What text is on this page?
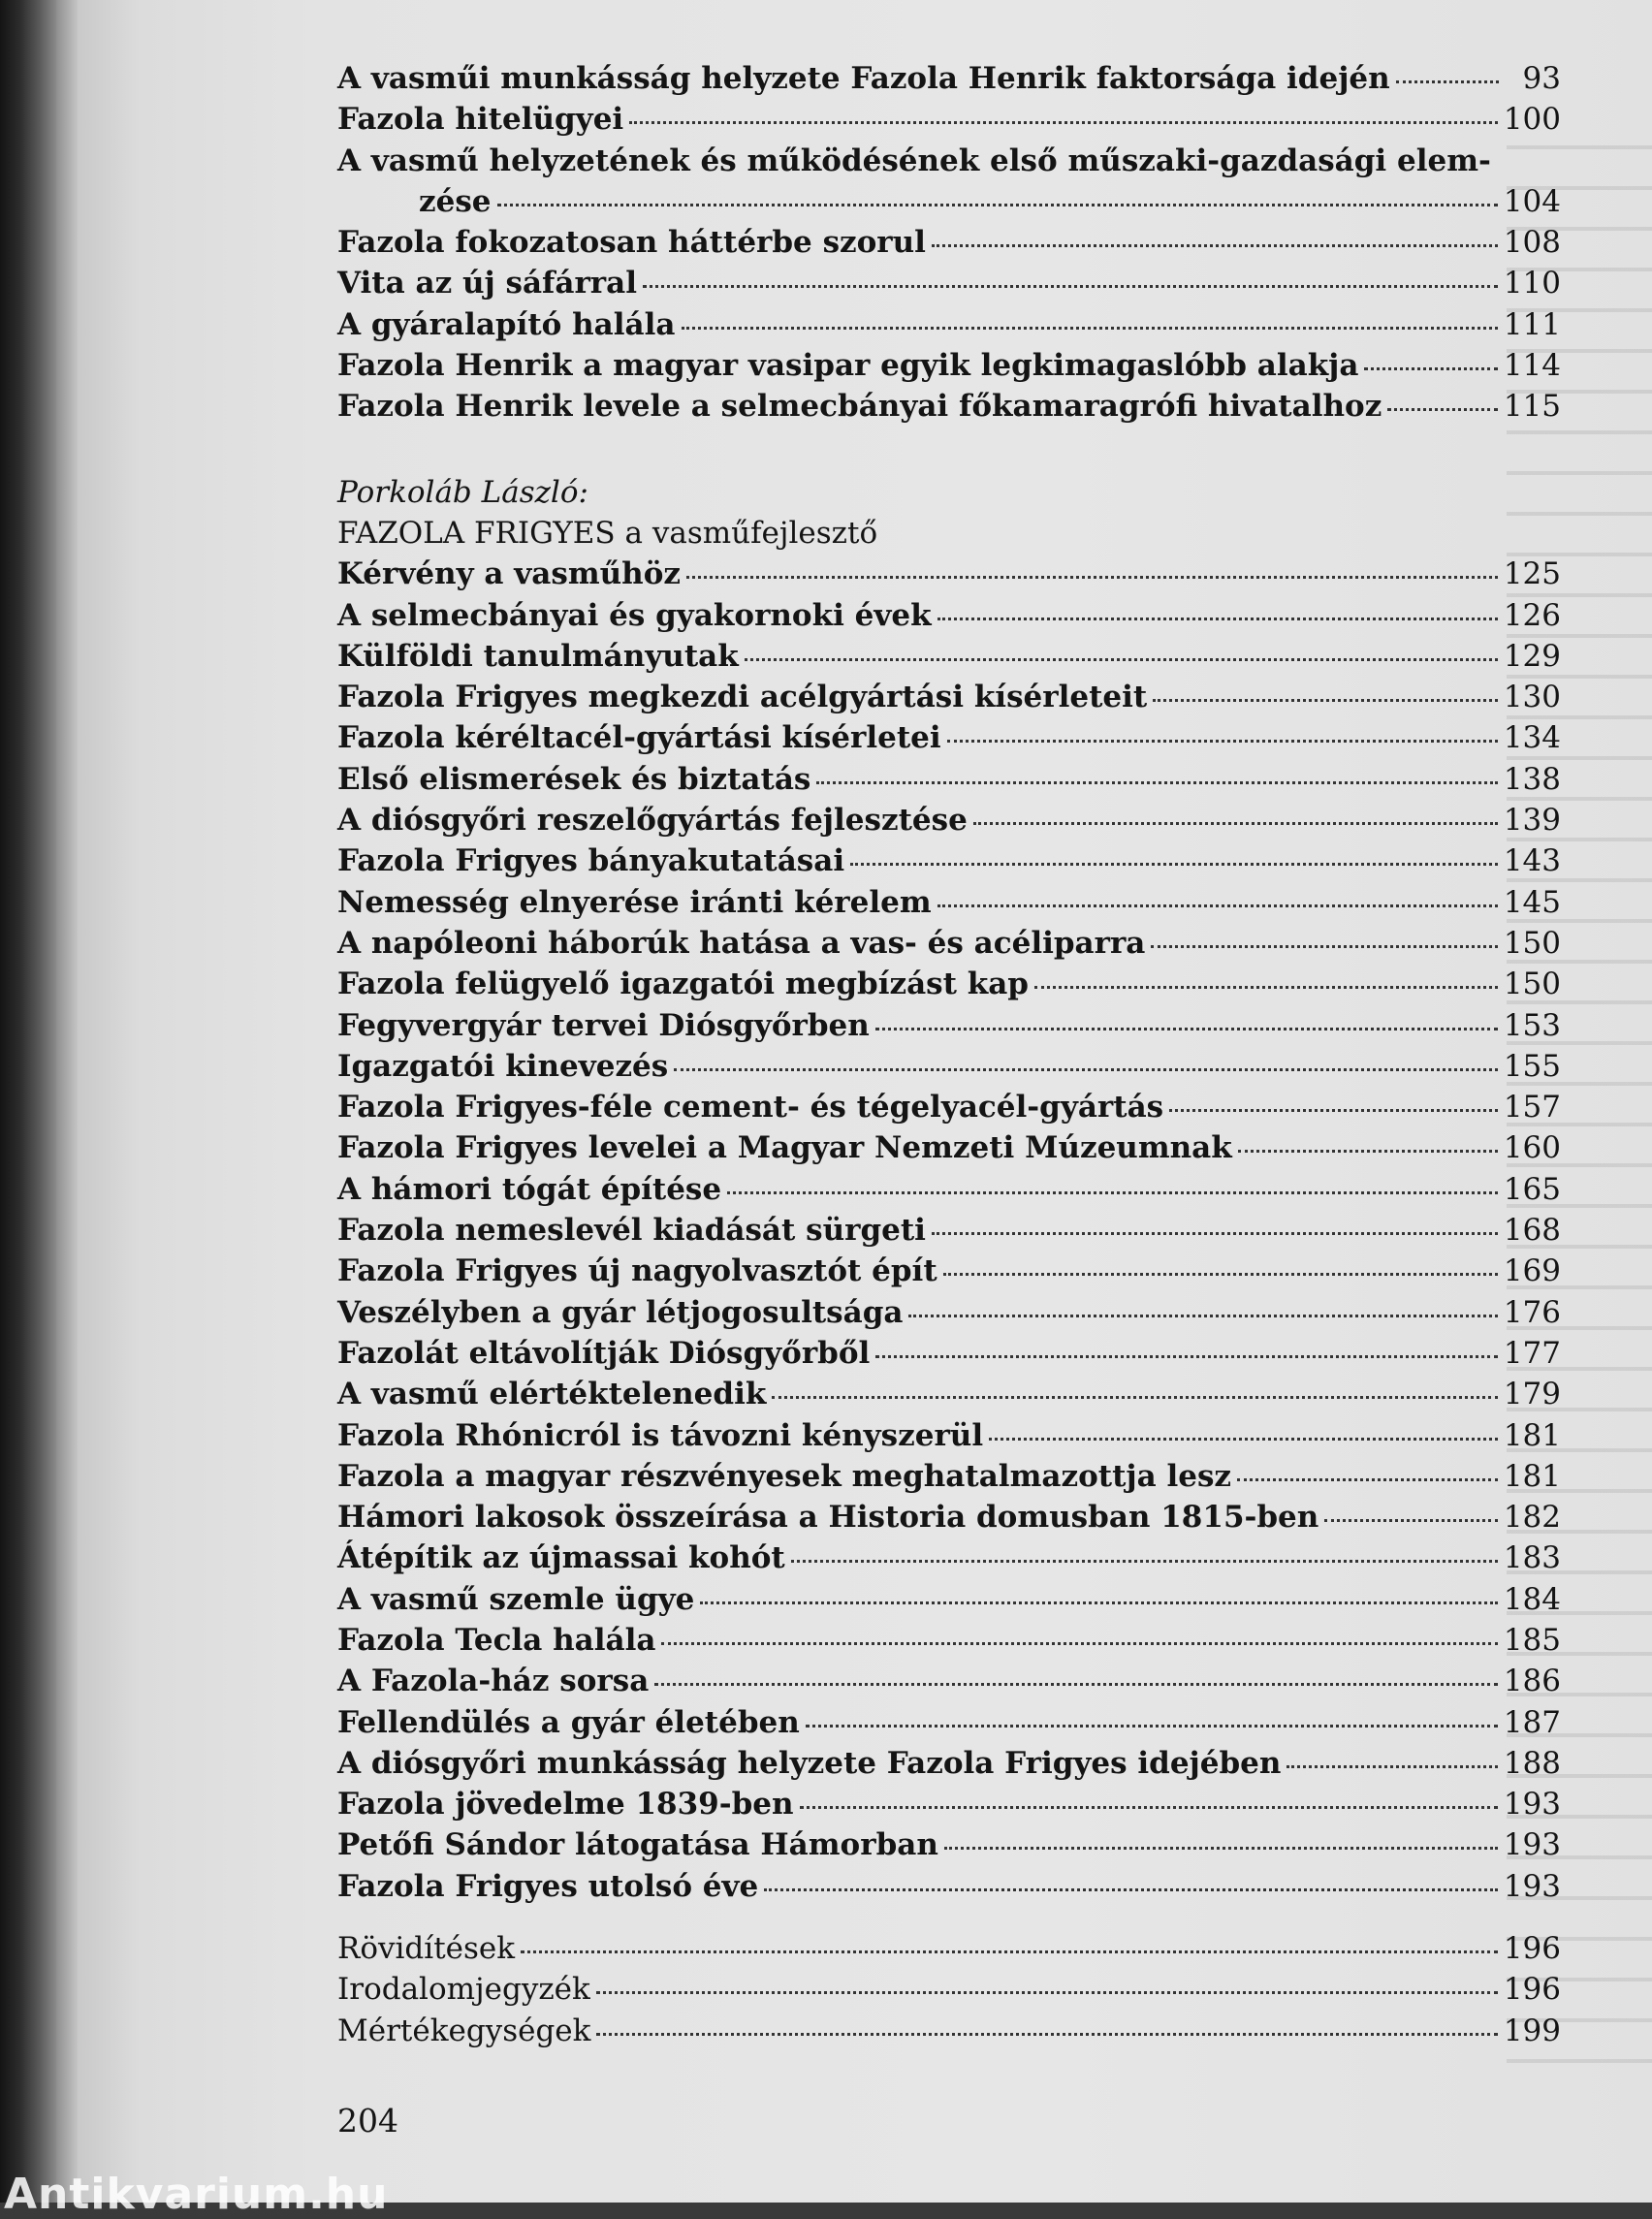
A vasműi munkásság helyzete Fazola Henrik faktorsága idején	93
Fazola hitelügyei	100
A vasmű helyzetének és működésének első műszaki-gazdasági elem-
zése	104
Fazola fokozatosan háttérbe szorul	108
Vita az új sáfárral	110
A gyáralapító halála	111
Fazola Henrik a magyar vasipar egyik legkimagaslóbb alakja	114
Fazola Henrik levele a selmecbányai főkamaragrófi hivatalhoz	115
Porkoláb László:
FAZOLA FRIGYES a vasműfejlesztő
Kérvény a vasműhöz	125
A selmecbányai és gyakornoki évek	126
Külföldi tanulmányutak	129
Fazola Frigyes megkezdi acélgyártási kísérleteit	130
Fazola kéréltacél-gyártási kísérletei	134
Első elismerések és biztatás	138
A diósgyőri reszelőgyártás fejlesztése	139
Fazola Frigyes bányakutatásai	143
Nemesség elnyerése iránti kérelem	145
A napóleoni háborúk hatása a vas- és acéliparra	150
Fazola felügyelő igazgatói megbízást kap	150
Fegyvergyár tervei Diósgyőrben	153
Igazgatói kinevezés	155
Fazola Frigyes-féle cement- és tégelyacél-gyártás	157
Fazola Frigyes levelei a Magyar Nemzeti Múzeumnak	160
A hámori tógát építése	165
Fazola nemeslevél kiadását sürgeti	168
Fazola Frigyes új nagyolvasztót épít	169
Veszélyben a gyár létjogosultsága	176
Fazolát eltávolítják Diósgyőrből	177
A vasmű elértéktelenedik	179
Fazola Rhónicról is távozni kényszerül	181
Fazola a magyar részvényesek meghatalmazottja lesz	181
Hámori lakosok összeírása a Historia domusban 1815-ben	182
Átépítik az újmassai kohót	183
A vasmű szemle ügye	184
Fazola Tecla halála	185
A Fazola-ház sorsa	186
Fellendülés a gyár életében	187
A diósgyőri munkásság helyzete Fazola Frigyes idejében	188
Fazola jövedelme 1839-ben	193
Petőfi Sándor látogatása Hámorban	193
Fazola Frigyes utolsó éve	193
Rövidítések	196
Irodalomjegyzék	196
Mértékegységek	199
204
Antikvarium.hu
